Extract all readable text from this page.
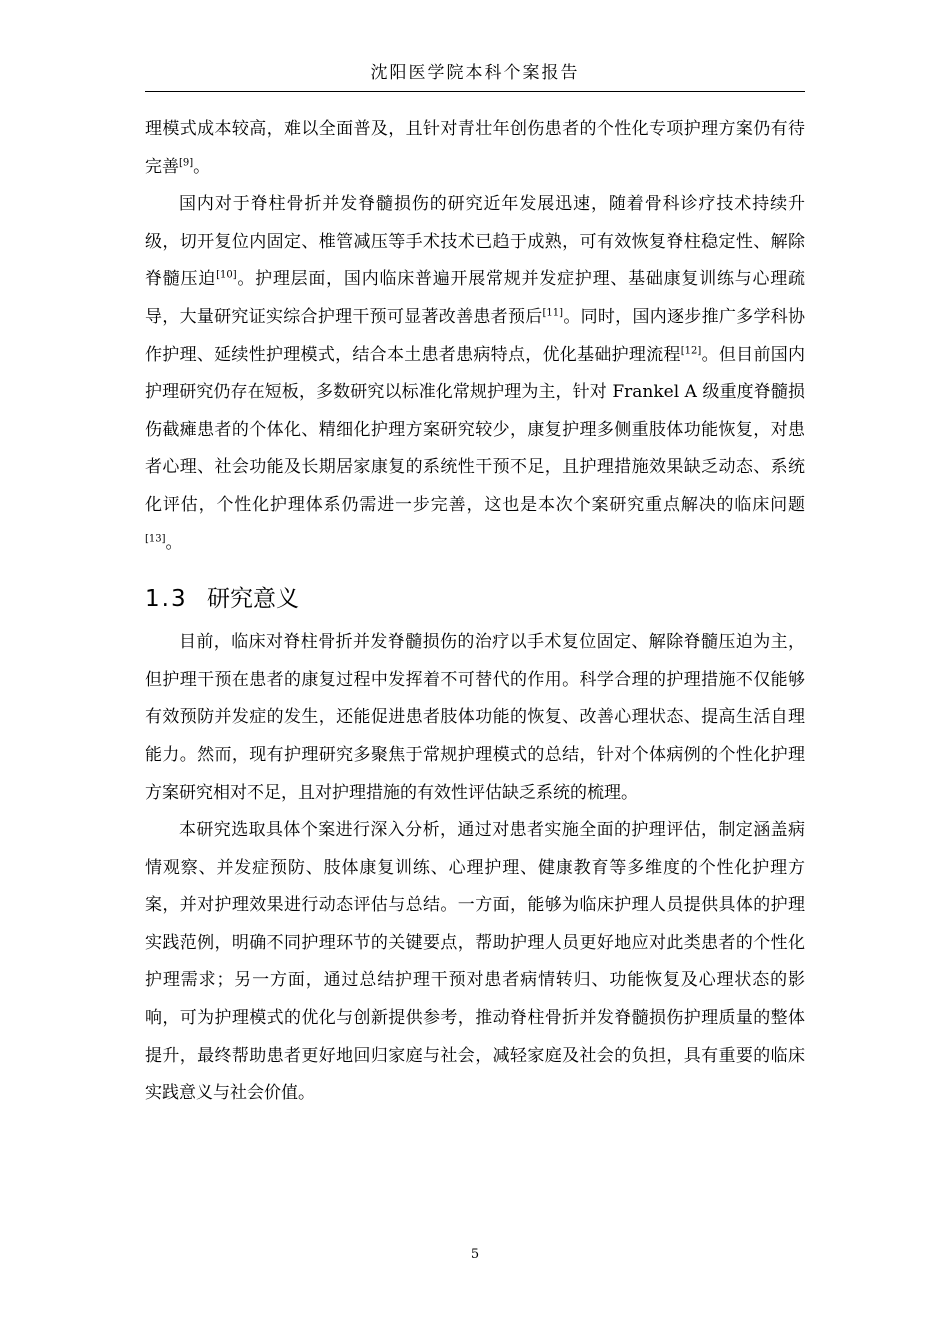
沈阳医学院本科个案报告

理模式成本较高，难以全面普及，且针对青壮年创伤患者的个性化专项护理方案仍有待完善[9]。

国内对于脊柱骨折并发脊髓损伤的研究近年发展迅速，随着骨科诊疗技术持续升级，切开复位内固定、椎管减压等手术技术已趋于成熟，可有效恢复脊柱稳定性、解除脊髓压迫[10]。护理层面，国内临床普遍开展常规并发症护理、基础康复训练与心理疏导，大量研究证实综合护理干预可显著改善患者预后[11]。同时，国内逐步推广多学科协作护理、延续性护理模式，结合本土患者患病特点，优化基础护理流程[12]。但目前国内护理研究仍存在短板，多数研究以标准化常规护理为主，针对 Frankel A 级重度脊髓损伤截瘫患者的个体化、精细化护理方案研究较少，康复护理多侧重肢体功能恢复，对患者心理、社会功能及长期居家康复的系统性干预不足，且护理措施效果缺乏动态、系统化评估，个性化护理体系仍需进一步完善，这也是本次个案研究重点解决的临床问题[13]。

1.3 研究意义

目前，临床对脊柱骨折并发脊髓损伤的治疗以手术复位固定、解除脊髓压迫为主，但护理干预在患者的康复过程中发挥着不可替代的作用。科学合理的护理措施不仅能够有效预防并发症的发生，还能促进患者肢体功能的恢复、改善心理状态、提高生活自理能力。然而，现有护理研究多聚焦于常规护理模式的总结，针对个体病例的个性化护理方案研究相对不足，且对护理措施的有效性评估缺乏系统的梳理。

本研究选取具体个案进行深入分析，通过对患者实施全面的护理评估，制定涵盖病情观察、并发症预防、肢体康复训练、心理护理、健康教育等多维度的个性化护理方案，并对护理效果进行动态评估与总结。一方面，能够为临床护理人员提供具体的护理实践范例，明确不同护理环节的关键要点，帮助护理人员更好地应对此类患者的个性化护理需求；另一方面，通过总结护理干预对患者病情转归、功能恢复及心理状态的影响，可为护理模式的优化与创新提供参考，推动脊柱骨折并发脊髓损伤护理质量的整体提升，最终帮助患者更好地回归家庭与社会，减轻家庭及社会的负担，具有重要的临床实践意义与社会价值。

5
